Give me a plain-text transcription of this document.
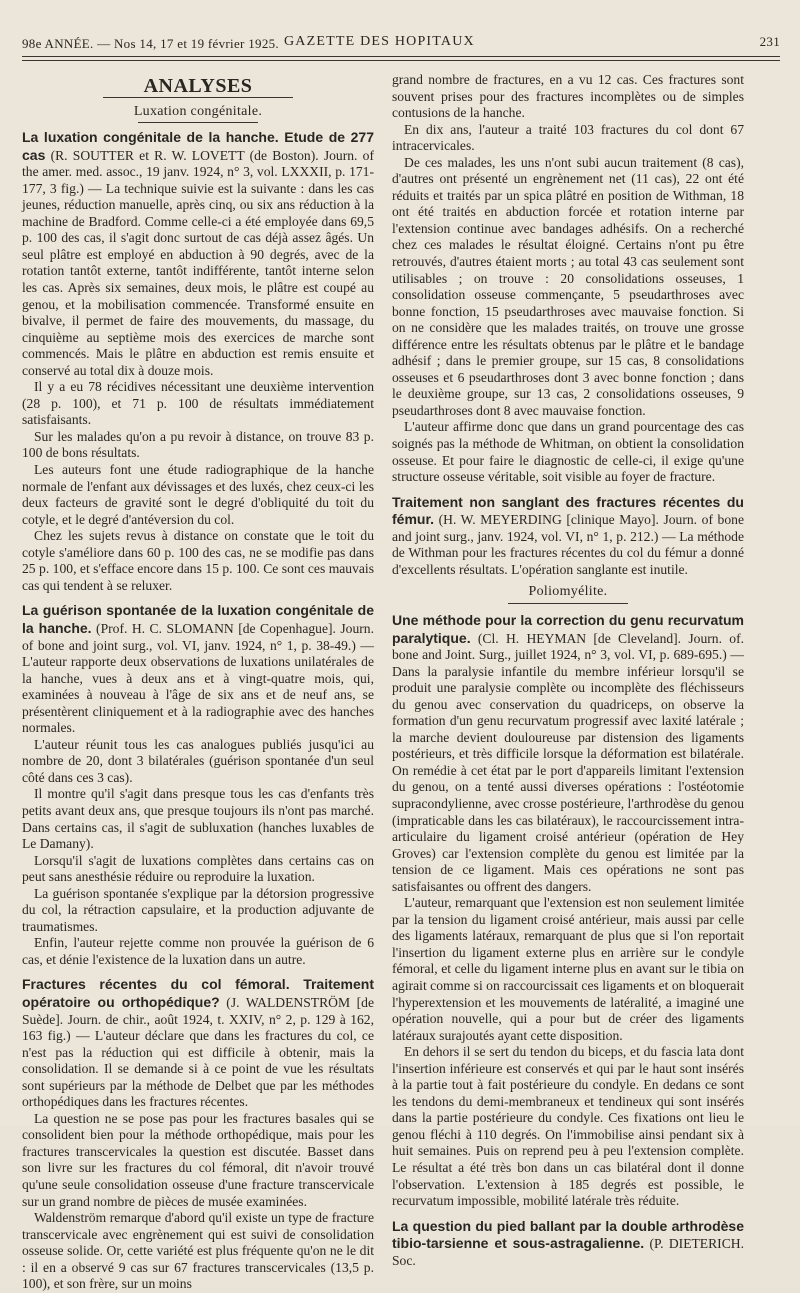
98e ANNÉE. — Nos 14, 17 et 19 février 1925. GAZETTE DES HOPITAUX	231
ANALYSES
Luxation congénitale.

La luxation congénitale de la hanche. Etude de 277 cas (R. SOUTTER et R. W. LOVETT (de Boston). Journ. of the amer. med. assoc., 19 janv. 1924, n° 3, vol. LXXXII, p. 171-177, 3 fig.) — La technique suivie est la suivante : dans les cas jeunes, réduction manuelle, après cinq, ou six ans réduction à la machine de Bradford. Comme celle-ci a été employée dans 69,5 p. 100 des cas, il s'agit donc surtout de cas déjà assez âgés. Un seul plâtre est employé en abduction à 90 degrés, avec de la rotation tantôt externe, tantôt indifférente, tantôt interne selon les cas. Après six semaines, deux mois, le plâtre est coupé au genou, et la mobilisation commencée. Transformé ensuite en bivalve, il permet de faire des mouvements, du massage, du cinquième au septième mois des exercices de marche sont commencés. Mais le plâtre en abduction est remis ensuite et conservé au total dix à douze mois.

Il y a eu 78 récidives nécessitant une deuxième intervention (28 p. 100), et 71 p. 100 de résultats immédiatement satisfaisants.

Sur les malades qu'on a pu revoir à distance, on trouve 83 p. 100 de bons résultats.

Les auteurs font une étude radiographique de la hanche normale de l'enfant aux dévissages et des luxés, chez ceux-ci les deux facteurs de gravité sont le degré d'obliquité du toit du cotyle, et le degré d'antéversion du col.

Chez les sujets revus à distance on constate que le toit du cotyle s'améliore dans 60 p. 100 des cas, ne se modifie pas dans 25 p. 100, et s'efface encore dans 15 p. 100. Ce sont ces mauvais cas qui tendent à se reluxer.

La guérison spontanée de la luxation congénitale de la hanche. (Prof. H. C. SLOMANN [de Copenhague]. Journ. of bone and joint surg., vol. VI, janv. 1924, n° 1, p. 38-49.) — L'auteur rapporte deux observations de luxations unilatérales de la hanche, vues à deux ans et à vingt-quatre mois, qui, examinées à nouveau à l'âge de six ans et de neuf ans, se présentèrent cliniquement et à la radiographie avec des hanches normales.

L'auteur réunit tous les cas analogues publiés jusqu'ici au nombre de 20, dont 3 bilatérales (guérison spontanée d'un seul côté dans ces 3 cas).

Il montre qu'il s'agit dans presque tous les cas d'enfants très petits avant deux ans, que presque toujours ils n'ont pas marché. Dans certains cas, il s'agit de subluxation (hanches luxables de Le Damany).

Lorsqu'il s'agit de luxations complètes dans certains cas on peut sans anesthésie réduire ou reproduire la luxation.

La guérison spontanée s'explique par la détorsion progressive du col, la rétraction capsulaire, et la production adjuvante de traumatismes.

Enfin, l'auteur rejette comme non prouvée la guérison de 6 cas, et dénie l'existence de la luxation dans un autre.

Fractures récentes du col fémoral. Traitement opératoire ou orthopédique? (J. WALDENSTRÖM [de Suède]. Journ. de chir., août 1924, t. XXIV, n° 2, p. 129 à 162, 163 fig.) — L'auteur déclare que dans les fractures du col, ce n'est pas la réduction qui est difficile à obtenir, mais la consolidation. Il se demande si à ce point de vue les résultats sont supérieurs par la méthode de Delbet que par les méthodes orthopédiques dans les fractures récentes.

La question ne se pose pas pour les fractures basales qui se consolident bien pour la méthode orthopédique, mais pour les fractures transcervicales la question est discutée. Basset dans son livre sur les fractures du col fémoral, dit n'avoir trouvé qu'une seule consolidation osseuse d'une fracture transcervicale sur un grand nombre de pièces de musée examinées.

Waldenström remarque d'abord qu'il existe un type de fracture transcervicale avec engrènement qui est suivi de consolidation osseuse solide. Or, cette variété est plus fréquente qu'on ne le dit : il en a observé 9 cas sur 67 fractures transcervicales (13,5 p. 100), et son frère, sur un moins

grand nombre de fractures, en a vu 12 cas. Ces fractures sont souvent prises pour des fractures incomplètes ou de simples contusions de la hanche.

En dix ans, l'auteur a traité 103 fractures du col dont 67 intracervicales.

De ces malades, les uns n'ont subi aucun traitement (8 cas), d'autres ont présenté un engrènement net (11 cas), 22 ont été réduits et traités par un spica plâtré en position de Withman, 18 ont été traités en abduction forcée et rotation interne par l'extension continue avec bandages adhésifs. On a recherché chez ces malades le résultat éloigné. Certains n'ont pu être retrouvés, d'autres étaient morts ; au total 43 cas seulement sont utilisables ; on trouve : 20 consolidations osseuses, 1 consolidation osseuse commençante, 5 pseudarthroses avec bonne fonction, 15 pseudarthroses avec mauvaise fonction. Si on ne considère que les malades traités, on trouve une grosse différence entre les résultats obtenus par le plâtre et le bandage adhésif ; dans le premier groupe, sur 15 cas, 8 consolidations osseuses et 6 pseudarthroses dont 3 avec bonne fonction ; dans le deuxième groupe, sur 13 cas, 2 consolidations osseuses, 9 pseudarthroses dont 8 avec mauvaise fonction.

L'auteur affirme donc que dans un grand pourcentage des cas soignés pas la méthode de Whitman, on obtient la consolidation osseuse. Et pour faire le diagnostic de celle-ci, il exige qu'une structure osseuse véritable, soit visible au foyer de fracture.

Traitement non sanglant des fractures récentes du fémur. (H. W. MEYERDING [clinique Mayo]. Journ. of bone and joint surg., janv. 1924, vol. VI, n° 1, p. 212.) — La méthode de Withman pour les fractures récentes du col du fémur a donné d'excellents résultats. L'opération sanglante est inutile.

Poliomyélite.

Une méthode pour la correction du genu recurvatum paralytique. (Cl. H. HEYMAN [de Cleveland]. Journ. of. bone and Joint. Surg., juillet 1924, n° 3, vol. VI, p. 689-695.) — Dans la paralysie infantile du membre inférieur lorsqu'il se produit une paralysie complète ou incomplète des fléchisseurs du genou avec conservation du quadriceps, on observe la formation d'un genu recurvatum progressif avec laxité latérale ; la marche devient douloureuse par distension des ligaments postérieurs, et très difficile lorsque la déformation est bilatérale. On remédie à cet état par le port d'appareils limitant l'extension du genou, on a tenté aussi diverses opérations : l'ostéotomie supracondylienne, avec crosse postérieure, l'arthrodèse du genou (impraticable dans les cas bilatéraux), le raccourcissement intra-articulaire du ligament croisé antérieur (opération de Hey Groves) car l'extension complète du genou est limitée par la tension de ce ligament. Mais ces opérations ne sont pas satisfaisantes ou offrent des dangers.

L'auteur, remarquant que l'extension est non seulement limitée par la tension du ligament croisé antérieur, mais aussi par celle des ligaments latéraux, remarquant de plus que si l'on reportait l'insertion du ligament externe plus en arrière sur le condyle fémoral, et celle du ligament interne plus en avant sur le tibia on agirait comme si on raccourcissait ces ligaments et on bloquerait l'hyperextension et les mouvements de latéralité, a imaginé une opération nouvelle, qui a pour but de créer des ligaments latéraux surajoutés ayant cette disposition.

En dehors il se sert du tendon du biceps, et du fascia lata dont l'insertion inférieure est conservés et qui par le haut sont insérés à la partie tout à fait postérieure du condyle. En dedans ce sont les tendons du demi-membraneux et tendineux qui sont insérés dans la partie postérieure du condyle. Ces fixations ont lieu le genou fléchi à 110 degrés. On l'immobilise ainsi pendant six à huit semaines. Puis on reprend peu à peu l'extension complète. Le résultat a été très bon dans un cas bilatéral dont il donne l'observation. L'extension à 185 degrés est possible, le recurvatum impossible, mobilité latérale très réduite.

La question du pied ballant par la double arthrodèse tibio-tarsienne et sous-astragalienne. (P. DIETERICH. Soc.
